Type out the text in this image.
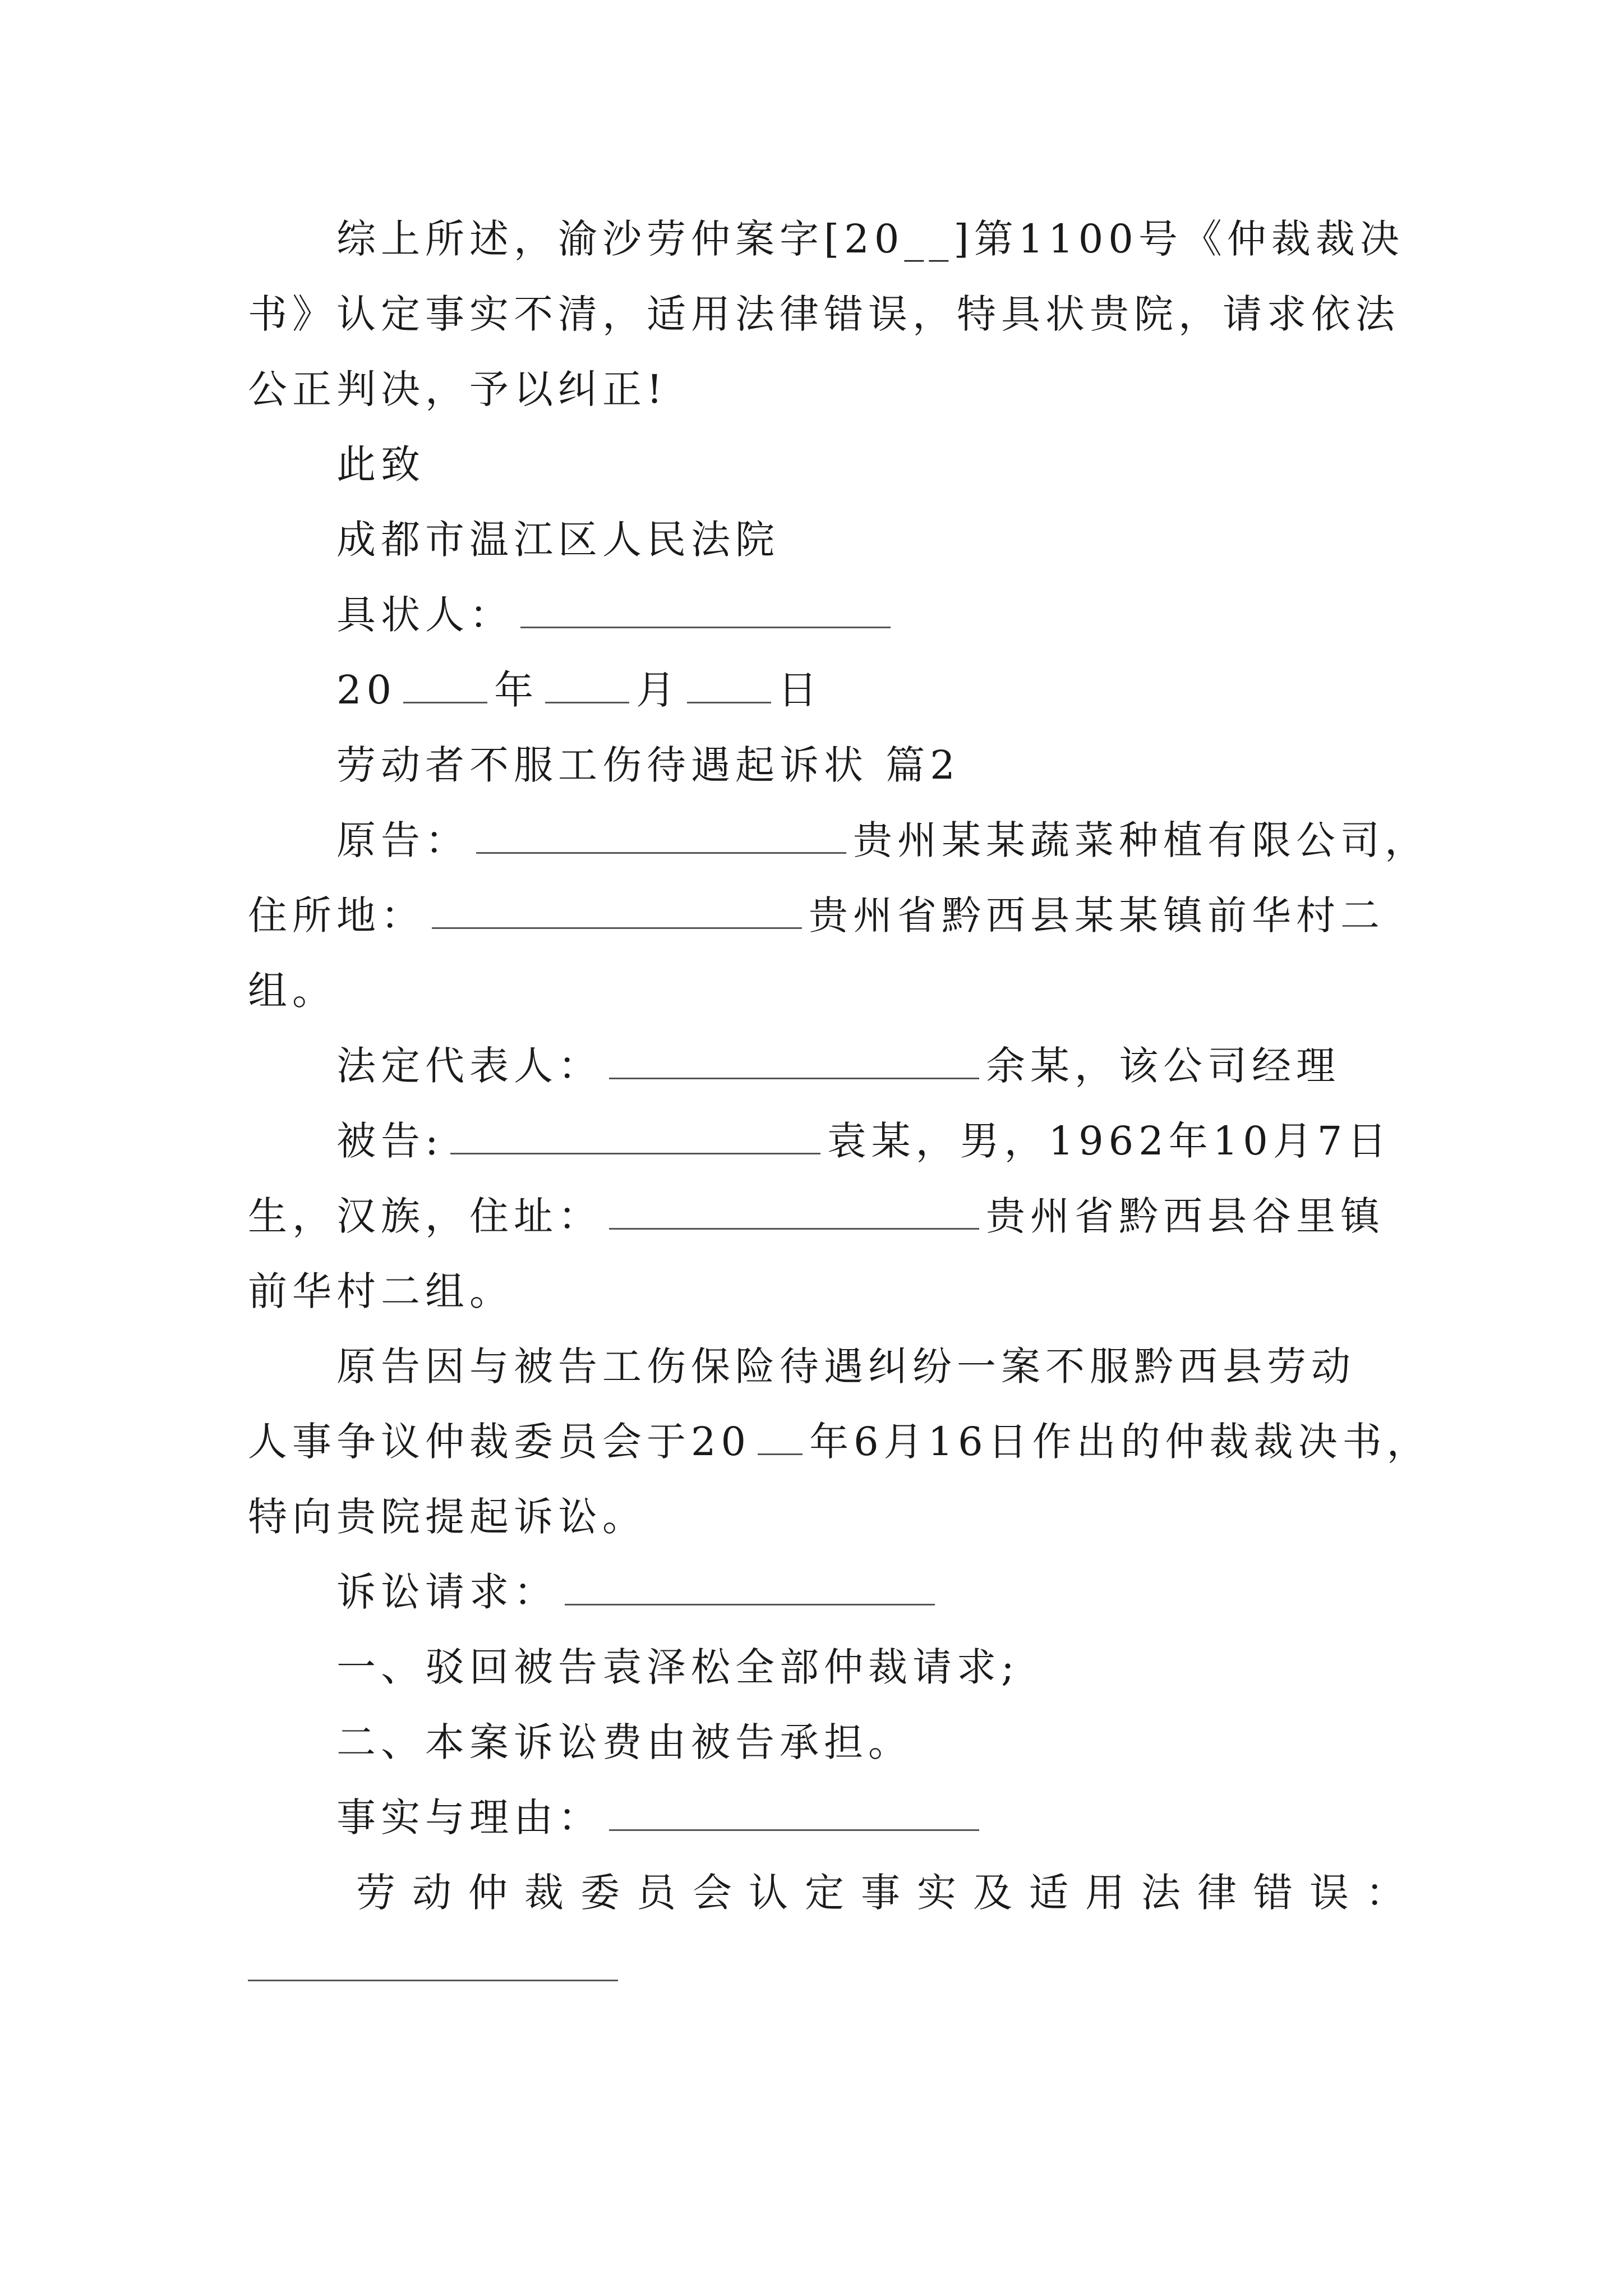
综上所述，渝沙劳仲案字[20__]第1100号《仲裁裁决
书》认定事实不清，适用法律错误，特具状贵院，请求依法
公正判决，予以纠正!
此致
成都市温江区人民法院
具状人：
20 年 月 日
劳动者不服工伤待遇起诉状 篇2
原告：	贵州某某蔬菜种植有限公司，
住所地：	贵州省黔西县某某镇前华村二
组。
法定代表人：	余某，该公司经理
被告:	袁某，男，1962年10月7日
生，汉族，住址：	贵州省黔西县谷里镇
前华村二组。
原告因与被告工伤保险待遇纠纷一案不服黔西县劳动
人事争议仲裁委员会于20 年6月16日作出的仲裁裁决书，
特向贵院提起诉讼。
诉讼请求：
一、驳回被告袁泽松全部仲裁请求;
二、本案诉讼费由被告承担。
事实与理由：
劳动仲裁委员会认定事实及适用法律错误：
